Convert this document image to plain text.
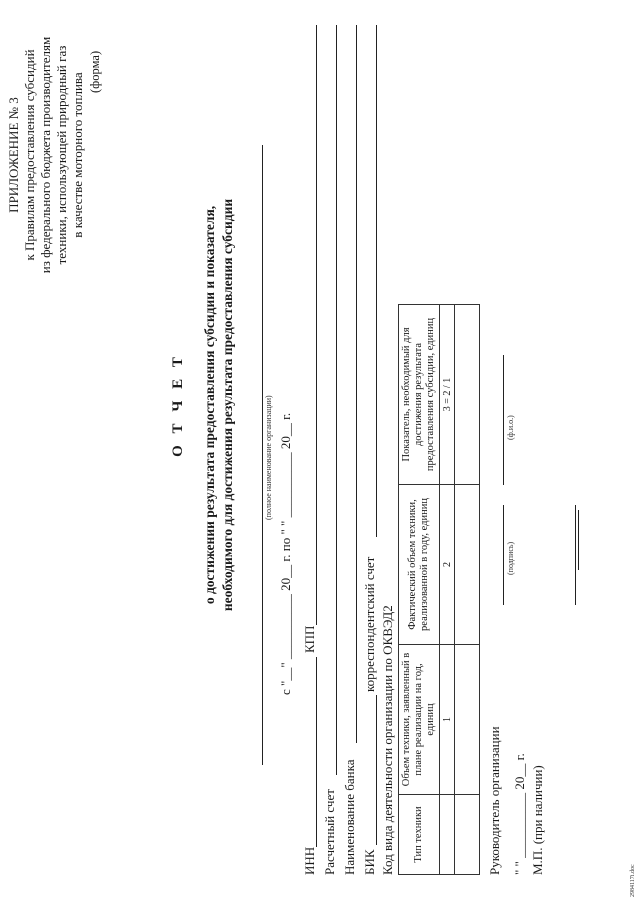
ПРИЛОЖЕНИЕ № 3 к Правилам предоставления субсидий из федерального бюджета производителям техники, использующей природный газ в качестве моторного топлива
(форма)
О Т Ч Е Т о достижении результата предоставления субсидии и показателя, необходимого для достижения результата предоставления субсидии	(полное наименование организации) с "__" __________ 20__ г. по " " __________ 20__ г.
ИНН
КПП
Расчетный счет Наименование банка БИК
корреспондентский счет Код вида деятельности организации по ОКВЭД2 Тип техники	Объем техники, заявленный в плане реализации на год, единиц	Фактический объем техники, реализованной в году, единиц	Показатель, необходимый для достижения результата предоставления субсидии, единиц
	1	2	3 = 2 / 1

Руководитель организации
(подпись)
(ф.и.о.)
" " __________ 20__ г. М.П. (при наличии)
2984117i.doc
